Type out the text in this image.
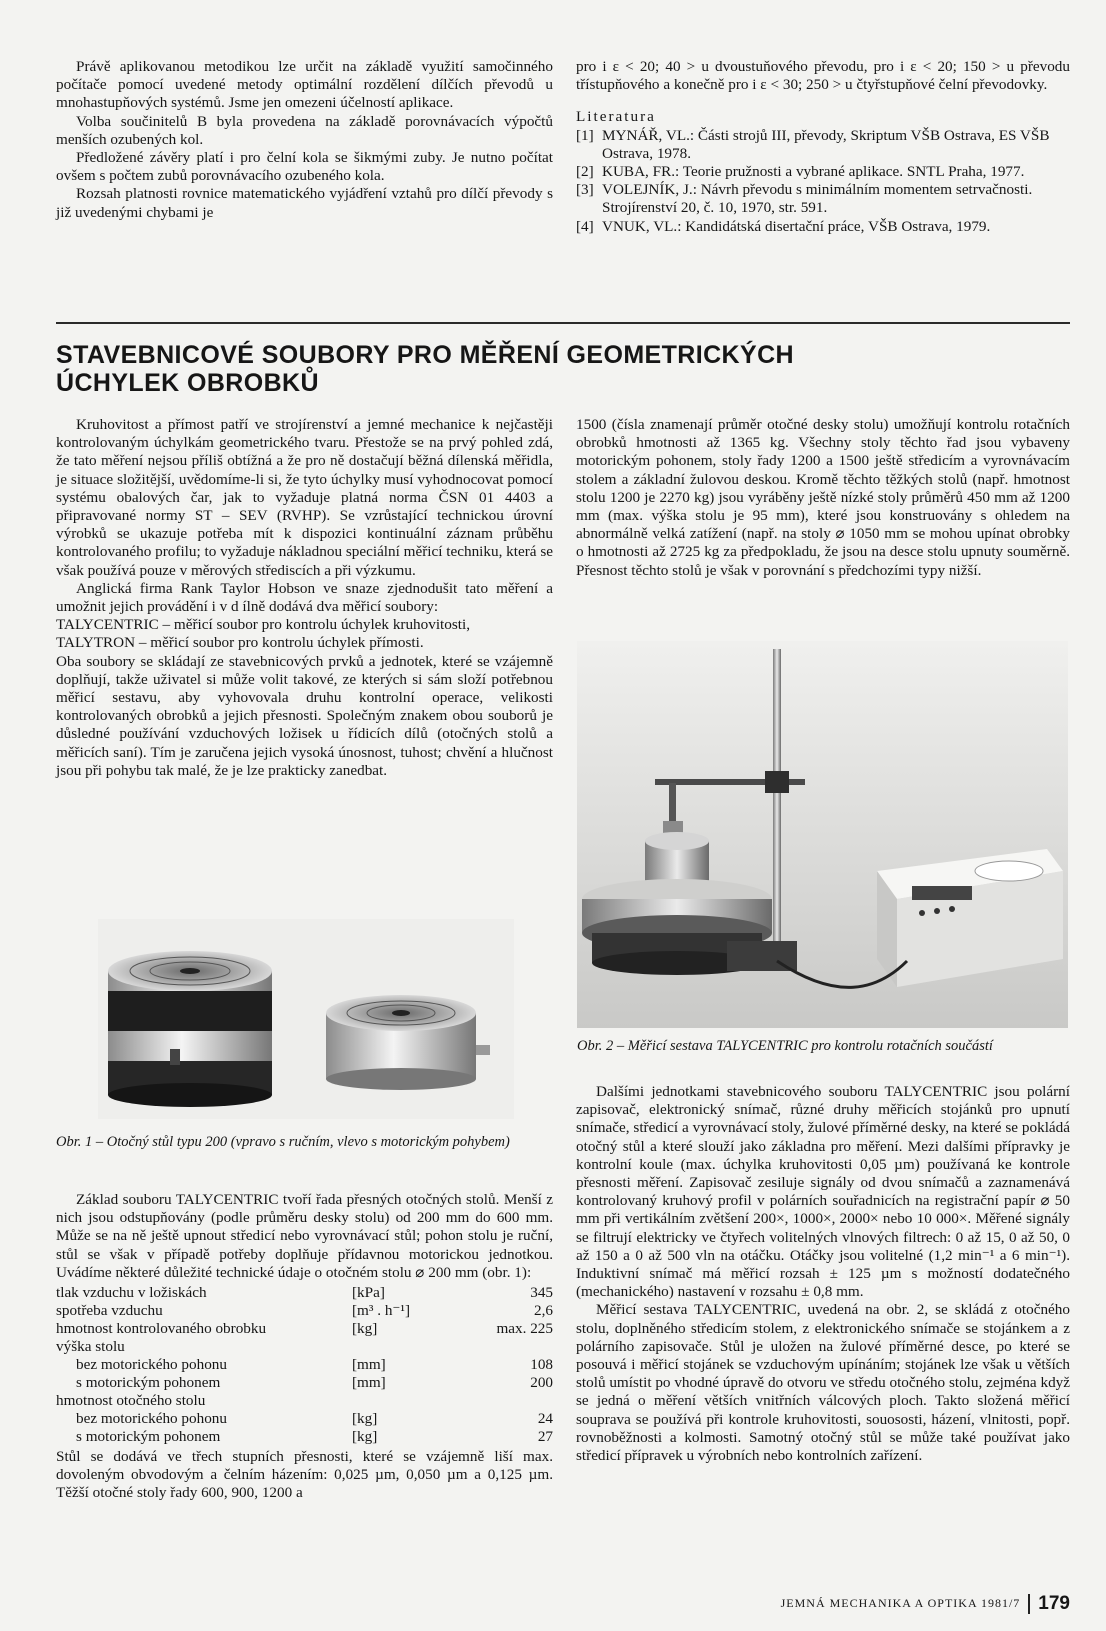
Právě aplikovanou metodikou lze určit na základě využití samočinného počítače pomocí uvedené metody optimální rozdělení dílčích převodů u mnohastupňových systémů. Jsme jen omezeni účelností aplikace.

Volba součinitelů B byla provedena na základě porovnávacích výpočtů menších ozubených kol.

Předložené závěry platí i pro čelní kola se šikmými zuby. Je nutno počítat ovšem s počtem zubů porovnávacího ozubeného kola.

Rozsah platnosti rovnice matematického vyjádření vztahů pro dílčí převody s již uvedenými chybami je

pro i ε < 20; 40 > u dvoustuňového převodu, pro i ε < 20; 150 > u převodu třístupňového a konečně pro i ε < 30; 250 > u čtyřstupňové čelní převodovky.

Literatura

[1] MYNÁŘ, VL.: Části strojů III, převody, Skriptum VŠB Ostrava, ES VŠB Ostrava, 1978.
[2] KUBA, FR.: Teorie pružnosti a vybrané aplikace. SNTL Praha, 1977.
[3] VOLEJNÍK, J.: Návrh převodu s minimálním momentem setrvačnosti. Strojírenství 20, č. 10, 1970, str. 591.
[4] VNUK, VL.: Kandidátská disertační práce, VŠB Ostrava, 1979.
STAVEBNICOVÉ SOUBORY PRO MĚŘENÍ GEOMETRICKÝCH
ÚCHYLEK OBROBKŮ

Kruhovitost a přímost patří ve strojírenství a jemné mechanice k nejčastěji kontrolovaným úchylkám geometrického tvaru. Přestože se na prvý pohled zdá, že tato měření nejsou příliš obtížná a že pro ně dostačují běžná dílenská měřidla, je situace složitější, uvědomíme-li si, že tyto úchylky musí vyhodnocovat pomocí systému obalových čar, jak to vyžaduje platná norma ČSN 01 4403 a připravované normy ST – SEV (RVHP). Se vzrůstající technickou úrovní výrobků se ukazuje potřeba mít k dispozici kontinuální záznam průběhu kontrolovaného profilu; to vyžaduje nákladnou speciální měřicí techniku, která se však používá pouze v měrových střediscích a při výzkumu.

Anglická firma Rank Taylor Hobson ve snaze zjednodušit tato měření a umožnit jejich provádění i v d ílně dodává dva měřicí soubory:

TALYCENTRIC – měřicí soubor pro kontrolu úchylek kruhovitosti,

TALYTRON – měřicí soubor pro kontrolu úchylek přímosti.

Oba soubory se skládají ze stavebnicových prvků a jednotek, které se vzájemně doplňují, takže uživatel si může volit takové, ze kterých si sám složí potřebnou měřicí sestavu, aby vyhovovala druhu kontrolní operace, velikosti kontrolovaných obrobků a jejich přesnosti. Společným znakem obou souborů je důsledné používání vzduchových ložisek u řídicích dílů (otočných stolů a měřicích saní). Tím je zaručena jejich vysoká únosnost, tuhost; chvění a hlučnost jsou při pohybu tak malé, že je lze prakticky zanedbat.

1500 (čísla znamenají průměr otočné desky stolu) umožňují kontrolu rotačních obrobků hmotnosti až 1365 kg. Všechny stoly těchto řad jsou vybaveny motorickým pohonem, stoly řady 1200 a 1500 ještě středicím a vyrovnávacím stolem a základní žulovou deskou. Kromě těchto těžkých stolů (např. hmotnost stolu 1200 je 2270 kg) jsou vyráběny ještě nízké stoly průměrů 450 mm až 1200 mm (max. výška stolu je 95 mm), které jsou konstruovány s ohledem na abnormálně velká zatížení (např. na stoly ⌀ 1050 mm se mohou upínat obrobky o hmotnosti až 2725 kg za předpokladu, že jsou na desce stolu upnuty souměrně. Přesnost těchto stolů je však v porovnání s předchozími typy nižší.

Obr. 2 – Měřicí sestava TALYCENTRIC pro kontrolu rotačních součástí
Obr. 1 – Otočný stůl typu 200 (vpravo s ručním, vlevo s motorickým pohybem)

Základ souboru TALYCENTRIC tvoří řada přesných otočných stolů. Menší z nich jsou odstupňovány (podle průměru desky stolu) od 200 mm do 600 mm. Může se na ně ještě upnout středicí nebo vyrovnávací stůl; pohon stolu je ruční, stůl se však v případě potřeby doplňuje přídavnou motorickou jednotkou. Uvádíme některé důležité technické údaje o otočném stolu ⌀ 200 mm (obr. 1):

tlak vzduchu v ložiskách	[kPa]	345
spotřeba vzduchu	[m³ . h⁻¹]	2,6
hmotnost kontrolovaného obrobku	[kg]	max. 225
výška stolu		
bez motorického pohonu	[mm]	108
s motorickým pohonem	[mm]	200
hmotnost otočného stolu		
bez motorického pohonu	[kg]	24
s motorickým pohonem	[kg]	27

Stůl se dodává ve třech stupních přesnosti, které se vzájemně liší max. dovoleným obvodovým a čelním házením: 0,025 µm, 0,050 µm a 0,125 µm. Těžší otočné stoly řady 600, 900, 1200 a

Dalšími jednotkami stavebnicového souboru TALYCENTRIC jsou polární zapisovač, elektronický snímač, různé druhy měřicích stojánků pro upnutí snímače, středicí a vyrovnávací stoly, žulové příměrné desky, na které se pokládá otočný stůl a které slouží jako základna pro měření. Mezi dalšími přípravky je kontrolní koule (max. úchylka kruhovitosti 0,05 µm) používaná ke kontrole přesnosti měření. Zapisovač zesiluje signály od dvou snímačů a zaznamenává kontrolovaný kruhový profil v polárních souřadnicích na registrační papír ⌀ 50 mm při vertikálním zvětšení 200×, 1000×, 2000× nebo 10 000×. Měřené signály se filtrují elektricky ve čtyřech volitelných vlnových filtrech: 0 až 15, 0 až 50, 0 až 150 a 0 až 500 vln na otáčku. Otáčky jsou volitelné (1,2 min⁻¹ a 6 min⁻¹). Induktivní snímač má měřicí rozsah ± 125 µm s možností dodatečného (mechanického) nastavení v rozsahu ± 0,8 mm.

Měřicí sestava TALYCENTRIC, uvedená na obr. 2, se skládá z otočného stolu, doplněného středicím stolem, z elektronického snímače se stojánkem a z polárního zapisovače. Stůl je uložen na žulové příměrné desce, po které se posouvá i měřicí stojánek se vzduchovým upínáním; stojánek lze však u větších stolů umístit po vhodné úpravě do otvoru ve středu otočného stolu, zejména když se jedná o měření větších vnitřních válcových ploch. Takto složená měřicí souprava se používá při kontrole kruhovitosti, souososti, házení, vlnitosti, popř. rovnoběžnosti a kolmosti. Samotný otočný stůl se může také používat jako středicí přípravek u výrobních nebo kontrolních zařízení.

JEMNÁ MECHANIKA A OPTIKA 1981/7 179
